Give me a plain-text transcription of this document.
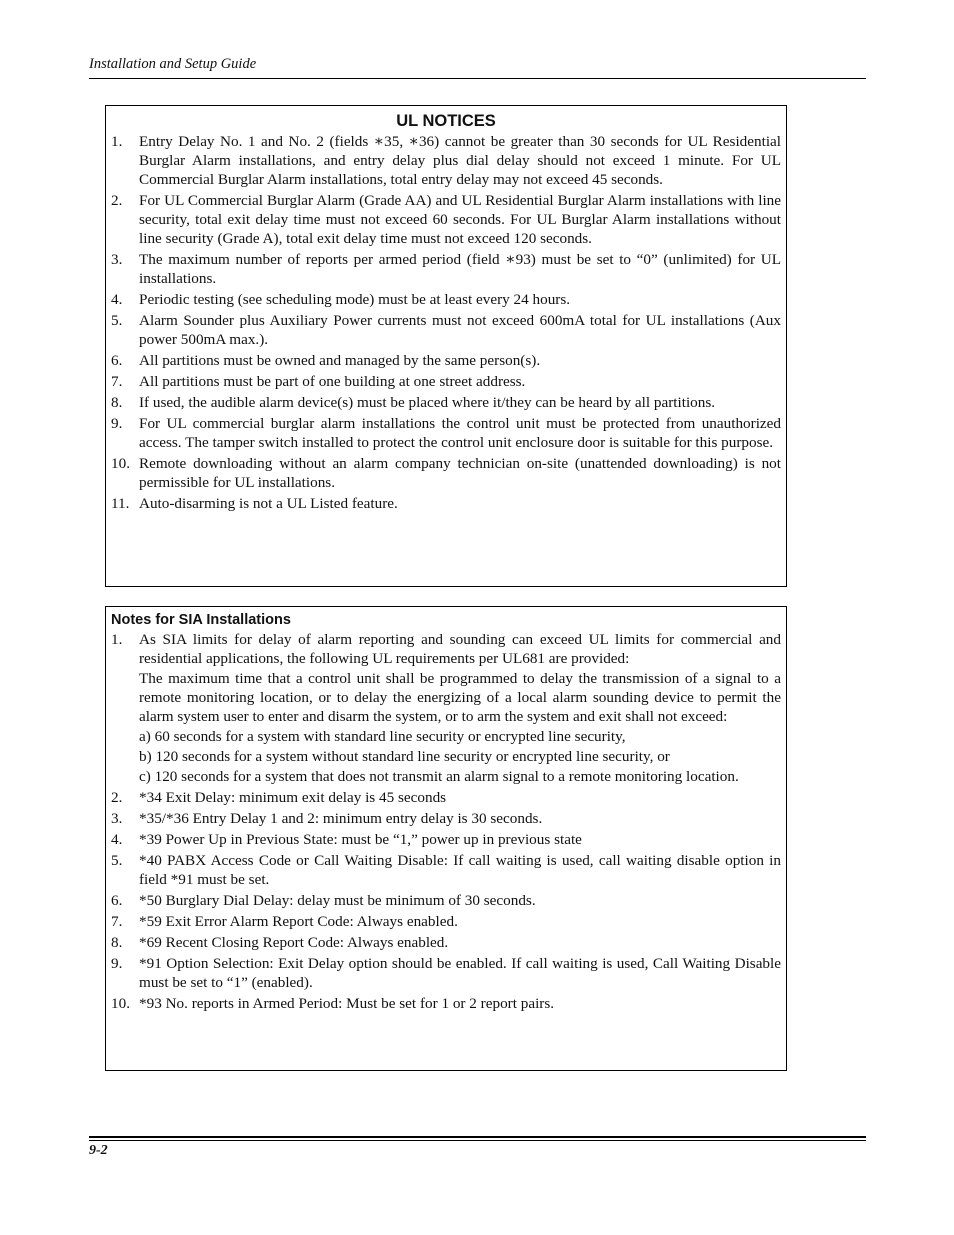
Installation and Setup Guide
UL NOTICES
1. Entry Delay No. 1 and No. 2 (fields ∗35, ∗36) cannot be greater than 30 seconds for UL Residential Burglar Alarm installations, and entry delay plus dial delay should not exceed 1 minute. For UL Commercial Burglar Alarm installations, total entry delay may not exceed 45 seconds.

2. For UL Commercial Burglar Alarm (Grade AA) and UL Residential Burglar Alarm installations with line security, total exit delay time must not exceed 60 seconds. For UL Burglar Alarm installations without line security (Grade A), total exit delay time must not exceed 120 seconds.

3. The maximum number of reports per armed period (field ∗93) must be set to “0” (unlimited) for UL installations.

4. Periodic testing (see scheduling mode) must be at least every 24 hours.

5. Alarm Sounder plus Auxiliary Power currents must not exceed 600mA total for UL installations (Aux power 500mA max.).

6. All partitions must be owned and managed by the same person(s).

7. All partitions must be part of one building at one street address.

8. If used, the audible alarm device(s) must be placed where it/they can be heard by all partitions.

9. For UL commercial burglar alarm installations the control unit must be protected from unauthorized access. The tamper switch installed to protect the control unit enclosure door is suitable for this purpose.

10. Remote downloading without an alarm company technician on-site (unattended downloading) is not permissible for UL installations.

11. Auto-disarming is not a UL Listed feature.

Notes for SIA Installations
1. As SIA limits for delay of alarm reporting and sounding can exceed UL limits for commercial and residential applications, the following UL requirements per UL681 are provided:

The maximum time that a control unit shall be programmed to delay the transmission of a signal to a remote monitoring location, or to delay the energizing of a local alarm sounding device to permit the alarm system user to enter and disarm the system, or to arm the system and exit shall not exceed:

a) 60 seconds for a system with standard line security or encrypted line security,

b) 120 seconds for a system without standard line security or encrypted line security, or

c) 120 seconds for a system that does not transmit an alarm signal to a remote monitoring location.

2. *34 Exit Delay: minimum exit delay is 45 seconds

3. *35/*36 Entry Delay 1 and 2: minimum entry delay is 30 seconds.

4. *39 Power Up in Previous State: must be “1,” power up in previous state

5. *40 PABX Access Code or Call Waiting Disable: If call waiting is used, call waiting disable option in field *91 must be set.

6. *50 Burglary Dial Delay: delay must be minimum of 30 seconds.

7. *59 Exit Error Alarm Report Code: Always enabled.

8. *69 Recent Closing Report Code: Always enabled.

9. *91 Option Selection: Exit Delay option should be enabled. If call waiting is used, Call Waiting Disable must be set to “1” (enabled).

10. *93 No. reports in Armed Period: Must be set for 1 or 2 report pairs.

9-2
